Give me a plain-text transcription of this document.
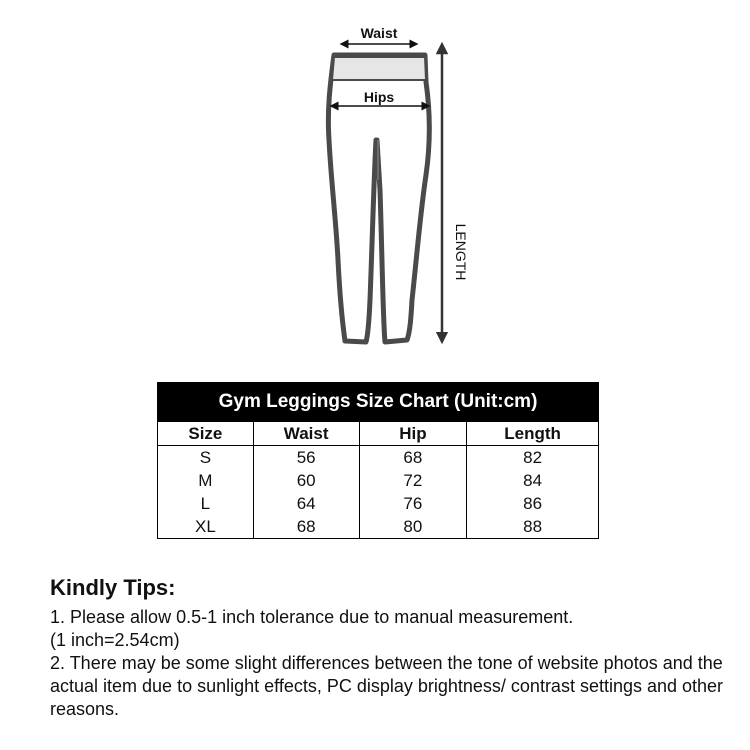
Waist
Hips
LENGTH
Gym Leggings Size Chart (Unit:cm)			
Size	Waist	Hip	Length
S	56	68	82
M	60	72	84
L	64	76	86
XL	68	80	88
Kindly Tips:

1. Please allow 0.5-1 inch tolerance due to manual measurement.

(1 inch=2.54cm)

2. There may be some slight differences between the tone of website photos and the actual item due to sunlight effects, PC display brightness/ contrast settings and other reasons.
